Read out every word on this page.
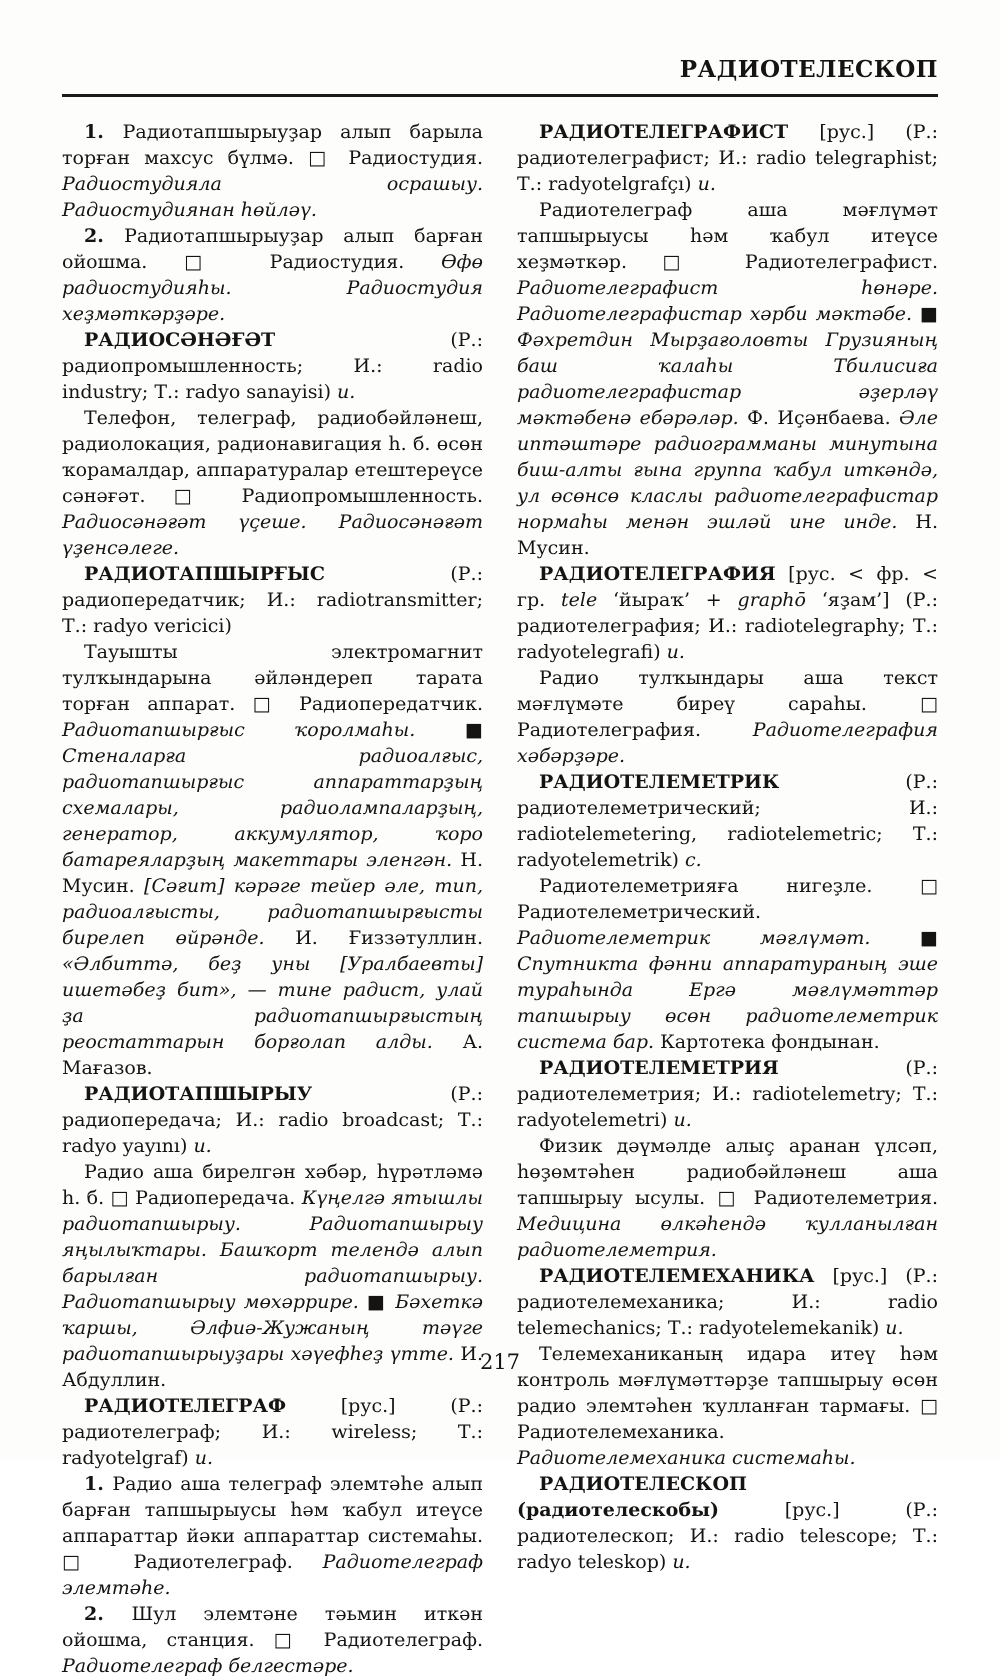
РАДИОТЕЛЕСКОП

1. Радиотапшырыуҙар алып барыла торған махсус бүлмә. □ Радиостудия. Радиостудияла осрашыу. Радиостудиянан һөйләү.

2. Радиотапшырыуҙар алып барған ойошма. □ Радиостудия. Өфө радиостудияһы. Радиостудия хеҙмәткәрҙәре.

РАДИОСӘНӘҒӘТ (Р.: радиопромышленность; И.: radio industry; Т.: radyo sanayisi) и.

Телефон, телеграф, радиобәйләнеш, радиолокация, радионавигация һ. б. өсөн ҡорамалдар, аппаратуралар етештереүсе сәнәғәт. □ Радиопромышленность. Радиосәнәғәт үҫеше. Радиосәнәғәт үҙенсәлеге.

РАДИОТАПШЫРҒЫС (Р.: радиопередатчик; И.: radiotransmitter; Т.: radyo vericici)

Тауышты электромагнит тулҡындарына әйләндереп тарата торған аппарат. □ Радиопередатчик. Радиотапшырғыс ҡоролмаһы. ■ Стеналарға радиоалғыс, радиотапшырғыс аппараттарҙың схемалары, радиолампаларҙың, генератор, аккумулятор, ҡоро батареяларҙың макеттары эленгән. Н. Мусин. [Сәғит] кәрәге тейер әле, тип, радиоалғысты, радиотапшырғысты бирелеп өйрәнде. И. Ғиззәтуллин. «Әлбиттә, беҙ уны [Уралбаевты] ишетәбеҙ бит», — тине радист, улай ҙа радиотапшырғыстың реостаттарын борғолап алды. А. Мағазов.

РАДИОТАПШЫРЫУ (Р.: радиопередача; И.: radio broadcast; Т.: radyo yayını) и.

Радио аша бирелгән хәбәр, һүрәтләмә һ. б. □ Радиопередача. Күңелгә ятышлы радиотапшырыу. Радиотапшырыу яңылыҡтары. Башҡорт телендә алып барылған радиотапшырыу. Радиотапшырыу мөхәррире. ■ Бәхеткә ҡаршы, Әлфиә-Жужаның тәүге радиотапшырыуҙары хәүефһеҙ үтте. И. Абдуллин.

РАДИОТЕЛЕГРАФ [рус.] (Р.: радиотелеграф; И.: wireless; Т.: radyotelgraf) и.

1. Радио аша телеграф элемтәһе алып барған тапшырыусы һәм ҡабул итеүсе аппараттар йәки аппараттар системаһы. □ Радиотелеграф. Радиотелеграф элемтәһе.

2. Шул элемтәне тәьмин иткән ойошма, станция. □ Радиотелеграф. Радиотелеграф белгестәре.

РАДИОТЕЛЕГРАФИСТ [рус.] (Р.: радиотелеграфист; И.: radio telegraphist; Т.: radyotelgrafçı) и.

Радиотелеграф аша мәғлүмәт тапшырыусы һәм ҡабул итеүсе хеҙмәткәр. □ Радиотелеграфист. Радиотелеграфист һөнәре. Радиотелеграфистар хәрби мәктәбе. ■ Фәхретдин Мырҙағоловты Грузияның баш ҡалаһы Тбилисиға радиотелеграфистар әҙерләү мәктәбенә ебәрәләр. Ф. Иҫәнбаева. Әле иптәштәре радиограмманы минутына биш-алты ғына группа ҡабул иткәндә, ул өсөнсө класлы радиотелеграфистар нормаһы менән эшләй ине инде. Н. Мусин.

РАДИОТЕЛЕГРАФИЯ [рус. < фр. < гр. tele ‘йыраҡ’ + graphō ‘яҙам’] (Р.: радиотелеграфия; И.: radiotelegraphy; Т.: radyotelegrafi) и.

Радио тулҡындары аша текст мәғлүмәте биреү сараһы. □ Радиотелеграфия. Радиотелеграфия хәбәрҙәре.

РАДИОТЕЛЕМЕТРИК (Р.: радиотелеметрический; И.: radiotelemetering, radiotelemetric; Т.: radyotelemetrik) с.

Радиотелеметрияға нигеҙле. □ Радиотелеметрический. Радиотелеметрик мәғлүмәт. ■ Спутникта фәнни аппаратураның эше тураһында Ергә мәғлүмәттәр тапшырыу өсөн радиотелеметрик система бар. Картотека фондынан.

РАДИОТЕЛЕМЕТРИЯ (Р.: радиотелеметрия; И.: radiotelemetry; Т.: radyotelemetri) и.

Физик дәүмәлде алыҫ аранан үлсәп, һөҙөмтәһен радиобәйләнеш аша тапшырыу ысулы. □ Радиотелеметрия. Медицина өлкәһендә ҡулланылған радиотелеметрия.

РАДИОТЕЛЕМЕХАНИКА [рус.] (Р.: радиотелемеханика; И.: radio telemechanics; Т.: radyotelemekanik) и.

Телемеханиканың идара итеү һәм контроль мәғлүмәттәрҙе тапшырыу өсөн радио элемтәһен ҡулланған тармағы. □ Радиотелемеханика. Радиотелемеханика системаһы.

РАДИОТЕЛЕСКОП (радиотелескобы) [рус.] (Р.: радиотелескоп; И.: radio telescope; Т.: radyo teleskop) и.

217
